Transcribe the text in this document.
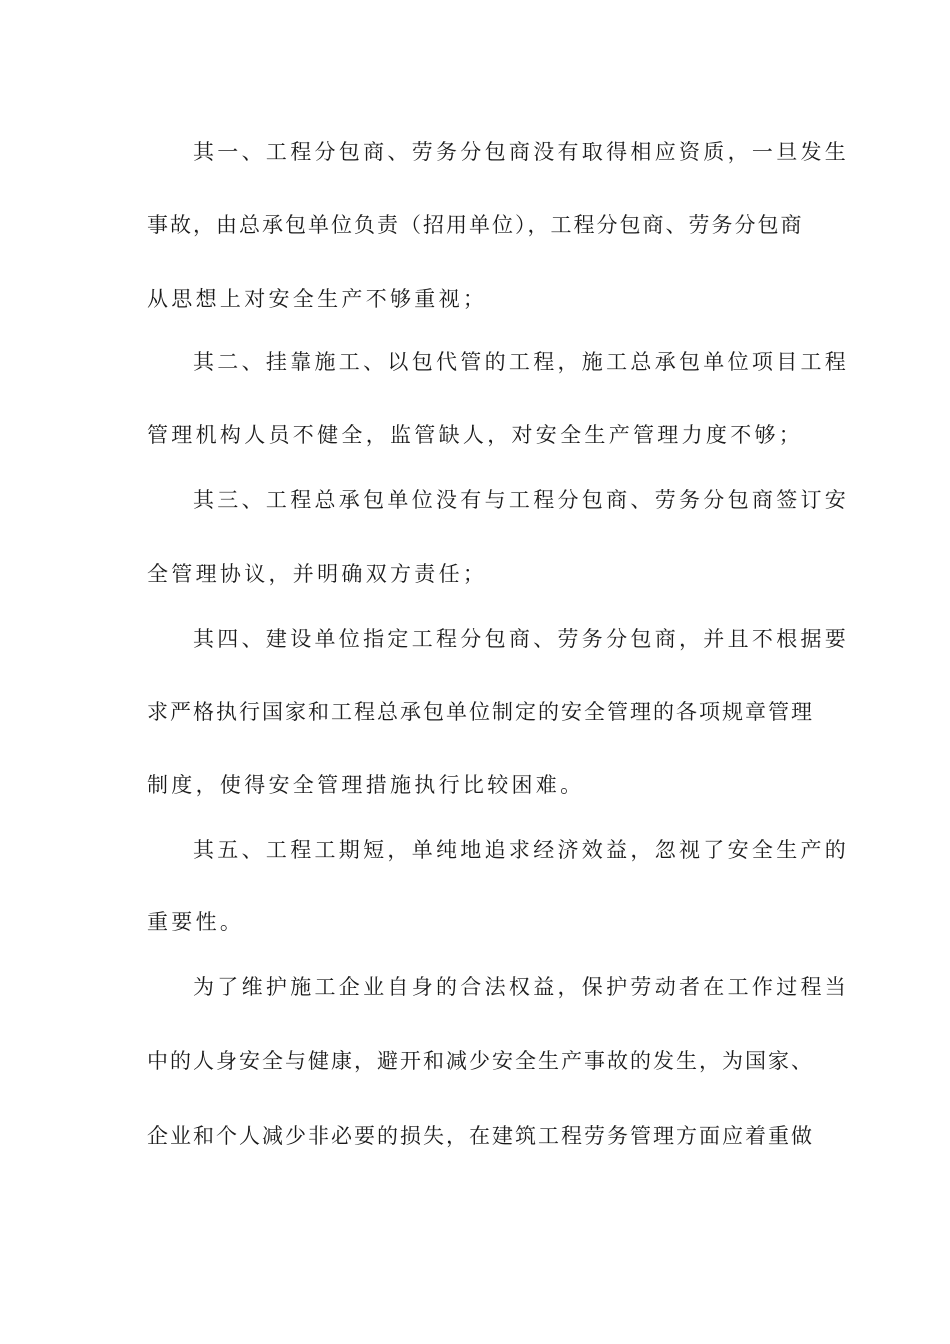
其一、工程分包商、劳务分包商没有取得相应资质，一旦发生
事故，由总承包单位负责（招用单位），工程分包商、劳务分包商
从思想上对安全生产不够重视；
其二、挂靠施工、以包代管的工程，施工总承包单位项目工程
管理机构人员不健全，监管缺人，对安全生产管理力度不够；
其三、工程总承包单位没有与工程分包商、劳务分包商签订安
全管理协议，并明确双方责任；
其四、建设单位指定工程分包商、劳务分包商，并且不根据要
求严格执行国家和工程总承包单位制定的安全管理的各项规章管理
制度，使得安全管理措施执行比较困难。
其五、工程工期短，单纯地追求经济效益，忽视了安全生产的
重要性。
为了维护施工企业自身的合法权益，保护劳动者在工作过程当
中的人身安全与健康，避开和减少安全生产事故的发生，为国家、
企业和个人减少非必要的损失，在建筑工程劳务管理方面应着重做
